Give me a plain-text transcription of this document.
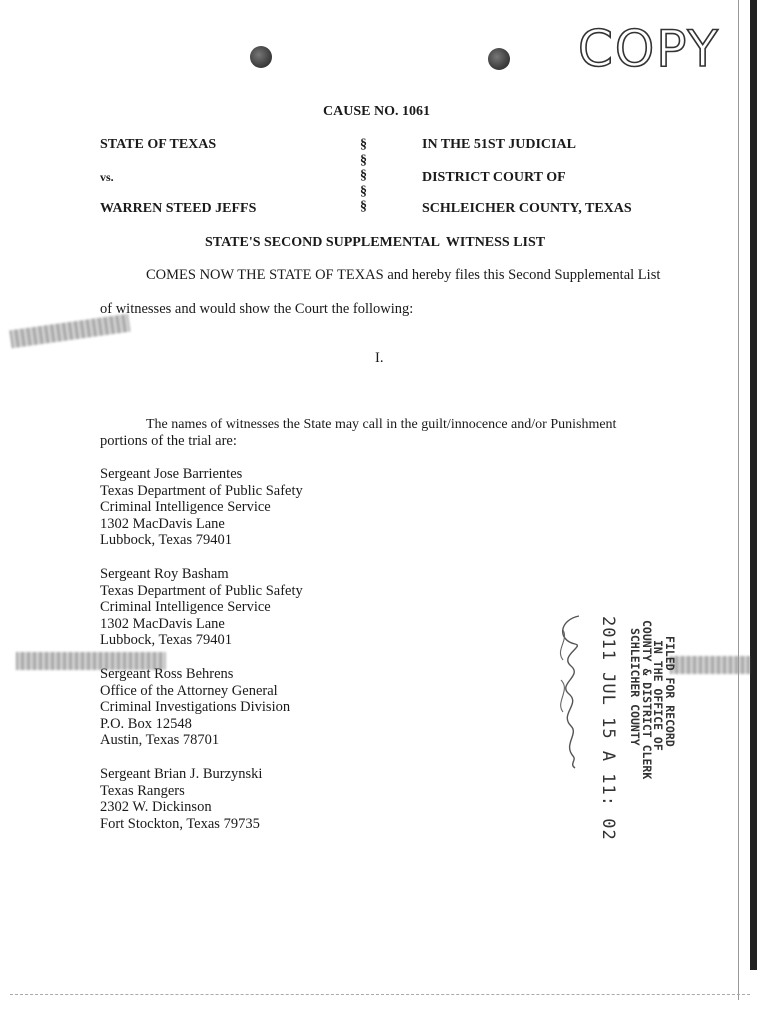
COPY
CAUSE NO. 1061
STATE OF TEXAS
vs.
WARREN STEED JEFFS
§
§
§
§
§
IN THE 51ST JUDICIAL
DISTRICT COURT OF
SCHLEICHER COUNTY, TEXAS
STATE'S SECOND SUPPLEMENTAL  WITNESS LIST
COMES NOW THE STATE OF TEXAS and hereby files this Second Supplemental List
of witnesses and would show the Court the following:
I.
The names of witnesses the State may call in the guilt/innocence and/or Punishment
portions of the trial are:
Sergeant Jose Barrientes
Texas Department of Public Safety
Criminal Intelligence Service
1302 MacDavis Lane
Lubbock, Texas 79401
Sergeant Roy Basham
Texas Department of Public Safety
Criminal Intelligence Service
1302 MacDavis Lane
Lubbock, Texas 79401
Sergeant Ross Behrens
Office of the Attorney General
Criminal Investigations Division
P.O. Box 12548
Austin, Texas 78701
Sergeant Brian J. Burzynski
Texas Rangers
2302 W. Dickinson
Fort Stockton, Texas 79735
FILED FOR RECORD
IN THE OFFICE OF
COUNTY & DISTRICT CLERK
SCHLEICHER COUNTY
2011 JUL 15 A 11: 02
